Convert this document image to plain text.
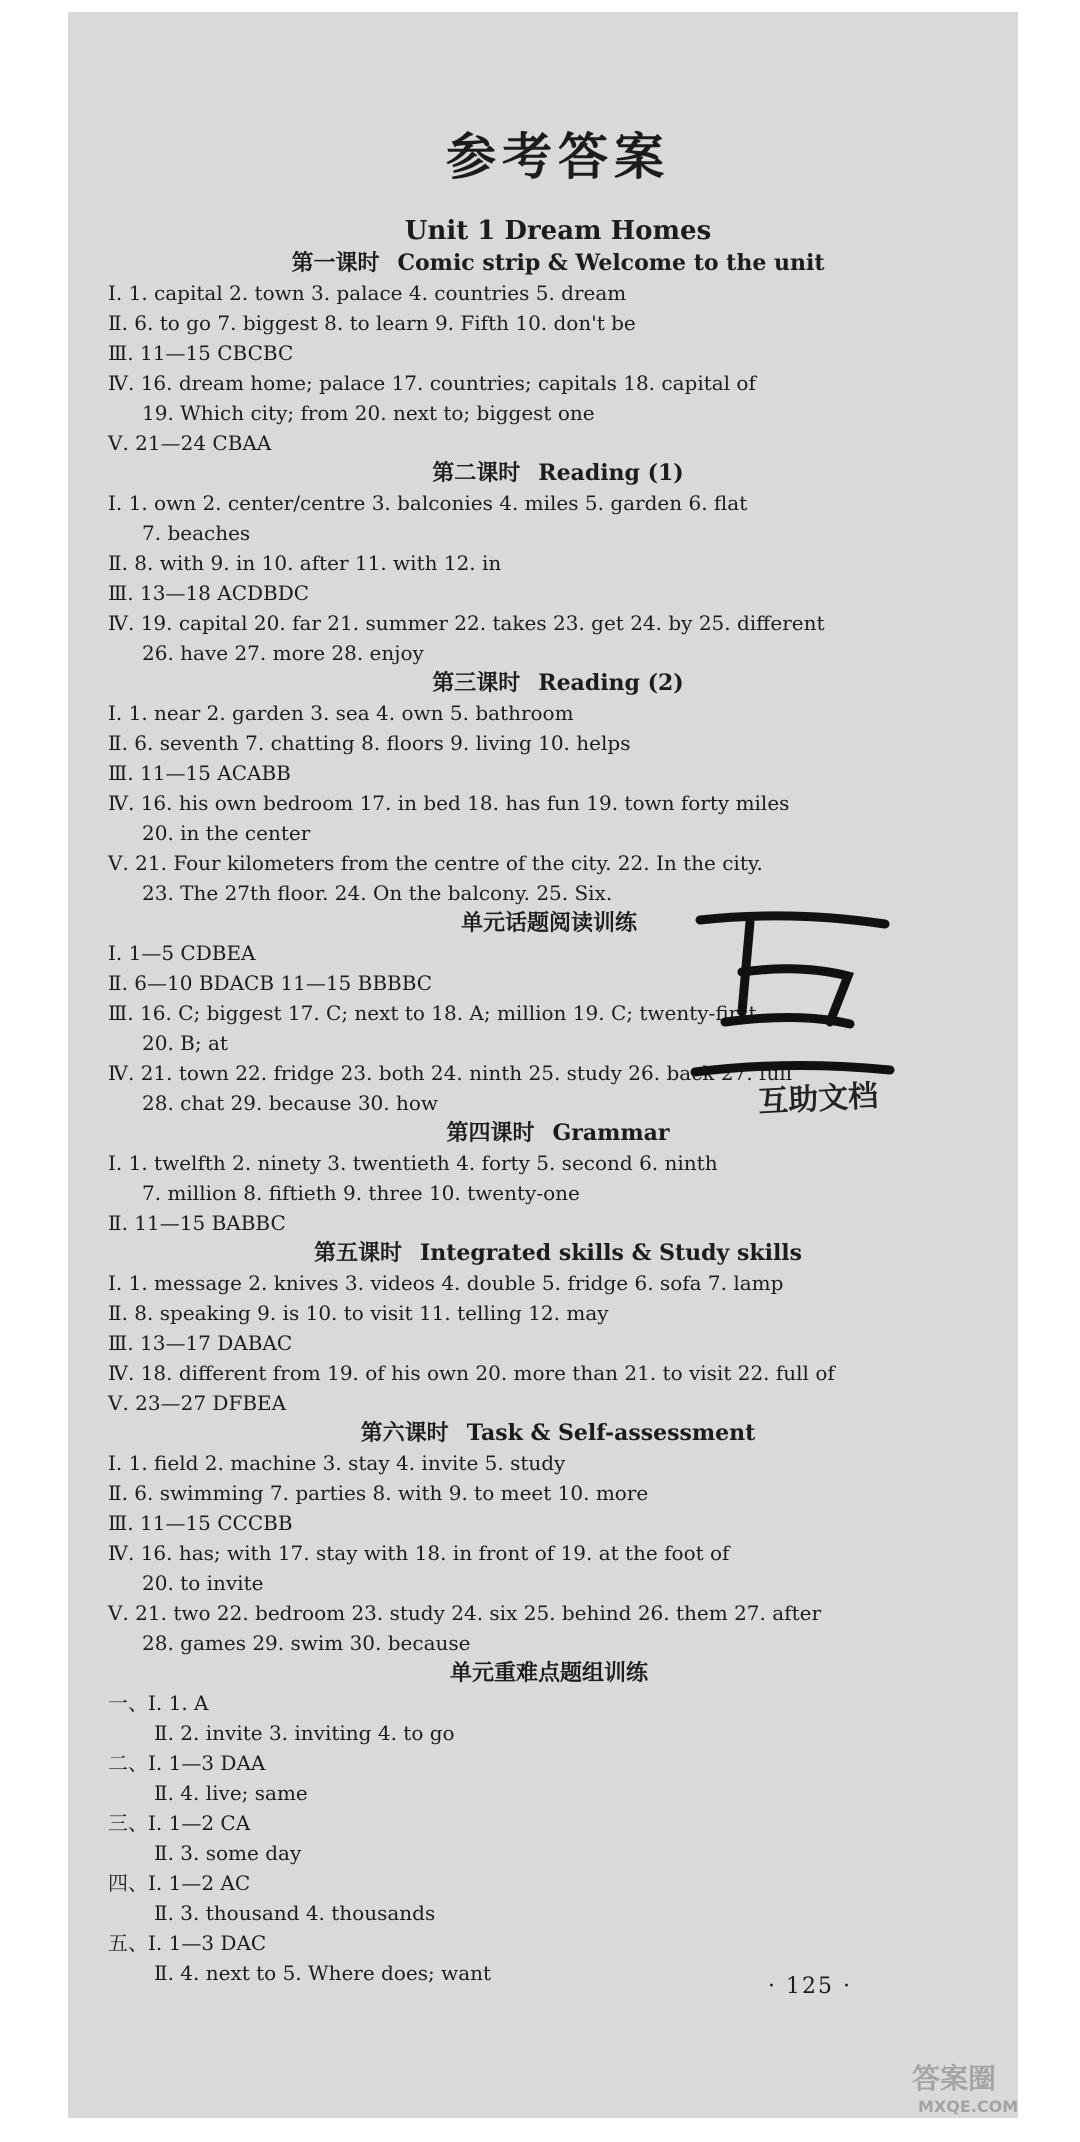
参考答案
Unit 1 Dream Homes
第一课时 Comic strip & Welcome to the unit
Ⅰ. 1. capital 2. town 3. palace 4. countries 5. dream
Ⅱ. 6. to go 7. biggest 8. to learn 9. Fifth 10. don't be
Ⅲ. 11—15 CBCBC
Ⅳ. 16. dream home; palace 17. countries; capitals 18. capital of
19. Which city; from 20. next to; biggest one
Ⅴ. 21—24 CBAA
第二课时 Reading (1)
Ⅰ. 1. own 2. center/centre 3. balconies 4. miles 5. garden 6. flat
7. beaches
Ⅱ. 8. with 9. in 10. after 11. with 12. in
Ⅲ. 13—18 ACDBDC
Ⅳ. 19. capital 20. far 21. summer 22. takes 23. get 24. by 25. different
26. have 27. more 28. enjoy
第三课时 Reading (2)
Ⅰ. 1. near 2. garden 3. sea 4. own 5. bathroom
Ⅱ. 6. seventh 7. chatting 8. floors 9. living 10. helps
Ⅲ. 11—15 ACABB
Ⅳ. 16. his own bedroom 17. in bed 18. has fun 19. town forty miles
20. in the center
Ⅴ. 21. Four kilometers from the centre of the city. 22. In the city.
23. The 27th floor. 24. On the balcony. 25. Six.
单元话题阅读训练
Ⅰ. 1—5 CDBEA
Ⅱ. 6—10 BDACB 11—15 BBBBC
Ⅲ. 16. C; biggest 17. C; next to 18. A; million 19. C; twenty-first
20. B; at
Ⅳ. 21. town 22. fridge 23. both 24. ninth 25. study 26. back 27. full
28. chat 29. because 30. how
第四课时 Grammar
Ⅰ. 1. twelfth 2. ninety 3. twentieth 4. forty 5. second 6. ninth
7. million 8. fiftieth 9. three 10. twenty-one
Ⅱ. 11—15 BABBC
第五课时 Integrated skills & Study skills
Ⅰ. 1. message 2. knives 3. videos 4. double 5. fridge 6. sofa 7. lamp
Ⅱ. 8. speaking 9. is 10. to visit 11. telling 12. may
Ⅲ. 13—17 DABAC
Ⅳ. 18. different from 19. of his own 20. more than 21. to visit 22. full of
Ⅴ. 23—27 DFBEA
第六课时 Task & Self-assessment
Ⅰ. 1. field 2. machine 3. stay 4. invite 5. study
Ⅱ. 6. swimming 7. parties 8. with 9. to meet 10. more
Ⅲ. 11—15 CCCBB
Ⅳ. 16. has; with 17. stay with 18. in front of 19. at the foot of
20. to invite
Ⅴ. 21. two 22. bedroom 23. study 24. six 25. behind 26. them 27. after
28. games 29. swim 30. because
单元重难点题组训练
一、Ⅰ. 1. A
Ⅱ. 2. invite 3. inviting 4. to go
二、Ⅰ. 1—3 DAA
Ⅱ. 4. live; same
三、Ⅰ. 1—2 CA
Ⅱ. 3. some day
四、Ⅰ. 1—2 AC
Ⅱ. 3. thousand 4. thousands
五、Ⅰ. 1—3 DAC
Ⅱ. 4. next to 5. Where does; want
互助文档
· 125 ·
答案圈
MXQE.COM
